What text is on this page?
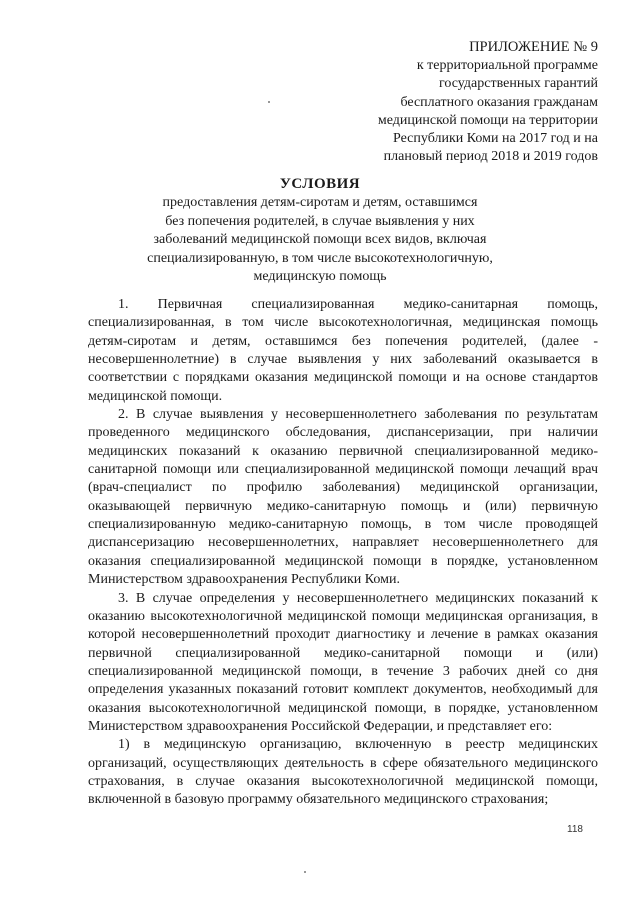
ПРИЛОЖЕНИЕ № 9
к территориальной программе
государственных гарантий
бесплатного оказания гражданам
медицинской помощи на территории
Республики Коми на 2017 год и на
плановый период 2018 и 2019 годов
УСЛОВИЯ
предоставления детям-сиротам и детям, оставшимся
без попечения родителей, в случае выявления у них
заболеваний медицинской помощи всех видов, включая
специализированную, в том числе высокотехнологичную,
медицинскую помощь

1. Первичная специализированная медико-санитарная помощь, специализированная, в том числе высокотехнологичная, медицинская помощь детям-сиротам и детям, оставшимся без попечения родителей, (далее - несовершеннолетние) в случае выявления у них заболеваний оказывается в соответствии с порядками оказания медицинской помощи и на основе стандартов медицинской помощи.

2. В случае выявления у несовершеннолетнего заболевания по результатам проведенного медицинского обследования, диспансеризации, при наличии медицинских показаний к оказанию первичной специализированной медико-санитарной помощи или специализированной медицинской помощи лечащий врач (врач-специалист по профилю заболевания) медицинской организации, оказывающей первичную медико-санитарную помощь и (или) первичную специализированную медико-санитарную помощь, в том числе проводящей диспансеризацию несовершеннолетних, направляет несовершеннолетнего для оказания специализированной медицинской помощи в порядке, установленном Министерством здравоохранения Республики Коми.

3. В случае определения у несовершеннолетнего медицинских показаний к оказанию высокотехнологичной медицинской помощи медицинская организация, в которой несовершеннолетний проходит диагностику и лечение в рамках оказания первичной специализированной медико-санитарной помощи и (или) специализированной медицинской помощи, в течение 3 рабочих дней со дня определения указанных показаний готовит комплект документов, необходимый для оказания высокотехнологичной медицинской помощи, в порядке, установленном Министерством здравоохранения Российской Федерации, и представляет его:

1) в медицинскую организацию, включенную в реестр медицинских организаций, осуществляющих деятельность в сфере обязательного медицинского страхования, в случае оказания высокотехнологичной медицинской помощи, включенной в базовую программу обязательного медицинского страхования;

118
